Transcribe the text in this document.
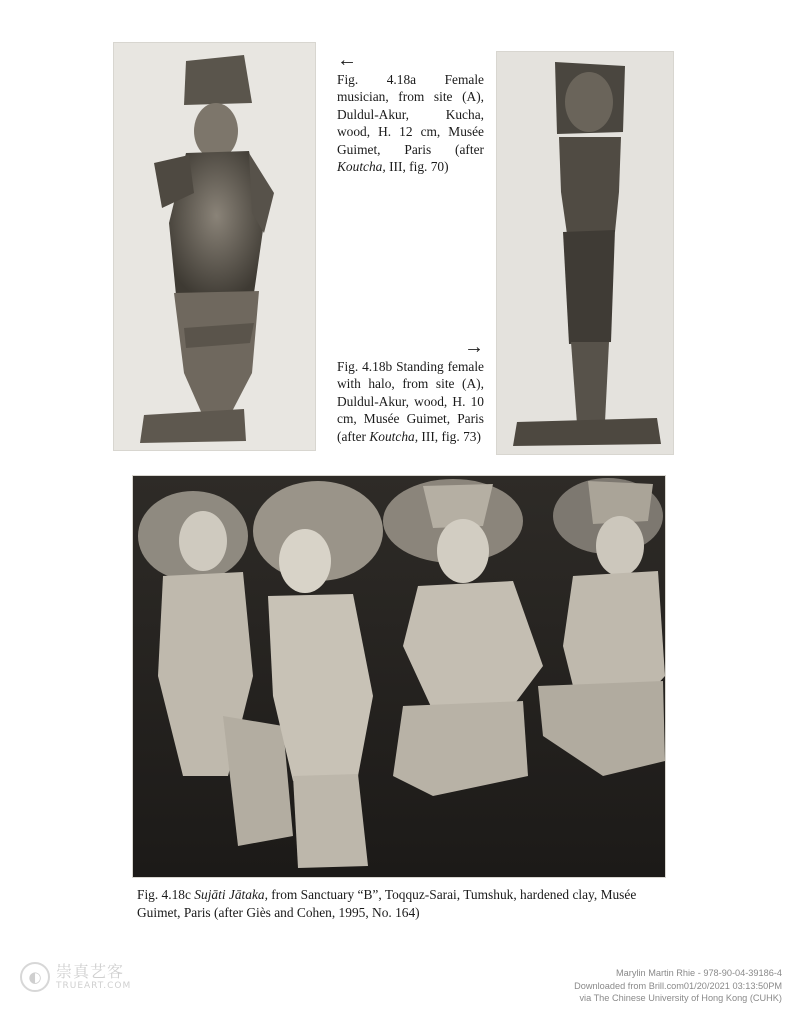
←
Fig. 4.18a Female musician, from site (A), Duldul-Akur, Kucha, wood, H. 12 cm, Musée Guimet, Paris (after Koutcha, III, fig. 70)
→
Fig. 4.18b Standing female with halo, from site (A), Duldul-Akur, wood, H. 10 cm, Musée Guimet, Paris (after Koutcha, III, fig. 73)
Fig. 4.18c Sujāti Jātaka, from Sanctuary “B”, Toqquz-Sarai, Tumshuk, hardened clay, Musée Guimet, Paris (after Giès and Cohen, 1995, No. 164)
◐ 崇真艺客
TRUEART.COM
Marylin Martin Rhie - 978-90-04-39186-4
Downloaded from Brill.com01/20/2021 03:13:50PM
via The Chinese University of Hong Kong (CUHK)
